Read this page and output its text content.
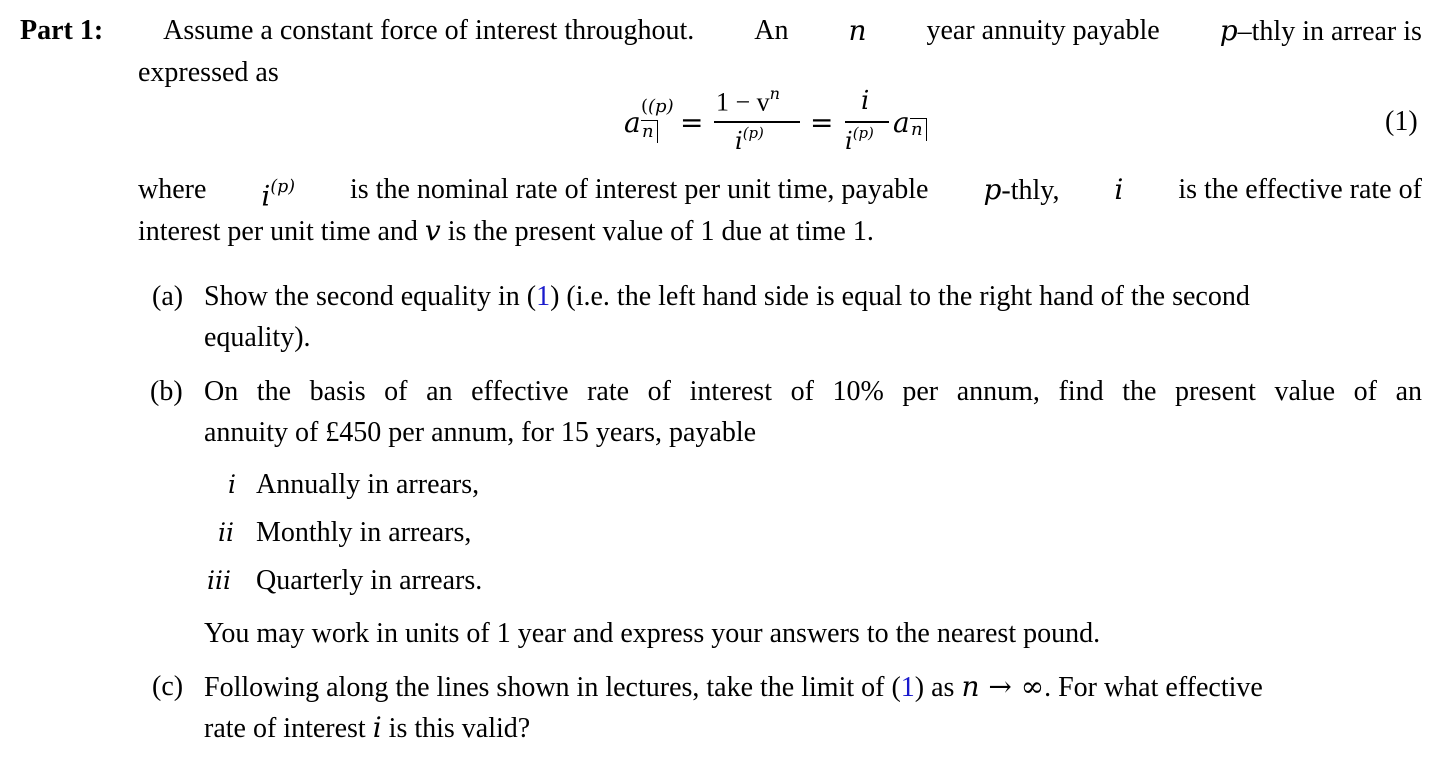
Part 1: Assume a constant force of interest throughout. An n year annuity payable p–thly in arrear is
expressed as
a ((p)
n =
$1 - v^n$
$i^{(p)}$ =
i
$i^{(p)}$ a n	(1)
where $i^{(p)}$ is the nominal rate of interest per unit time, payable p-thly, i is the effective rate of
interest per unit time and v is the present value of 1 due at time 1.
(a) Show the second equality in (1) (i.e. the left hand side is equal to the right hand of the second
equality).
(b) On the basis of an effective rate of interest of 10% per annum, find the present value of an
annuity of £450 per annum, for 15 years, payable
i Annually in arrears,
ii Monthly in arrears,
iii Quarterly in arrears.
You may work in units of 1 year and express your answers to the nearest pound.
(c) Following along the lines shown in lectures, take the limit of (1) as n → ∞. For what effective
rate of interest i is this valid?
